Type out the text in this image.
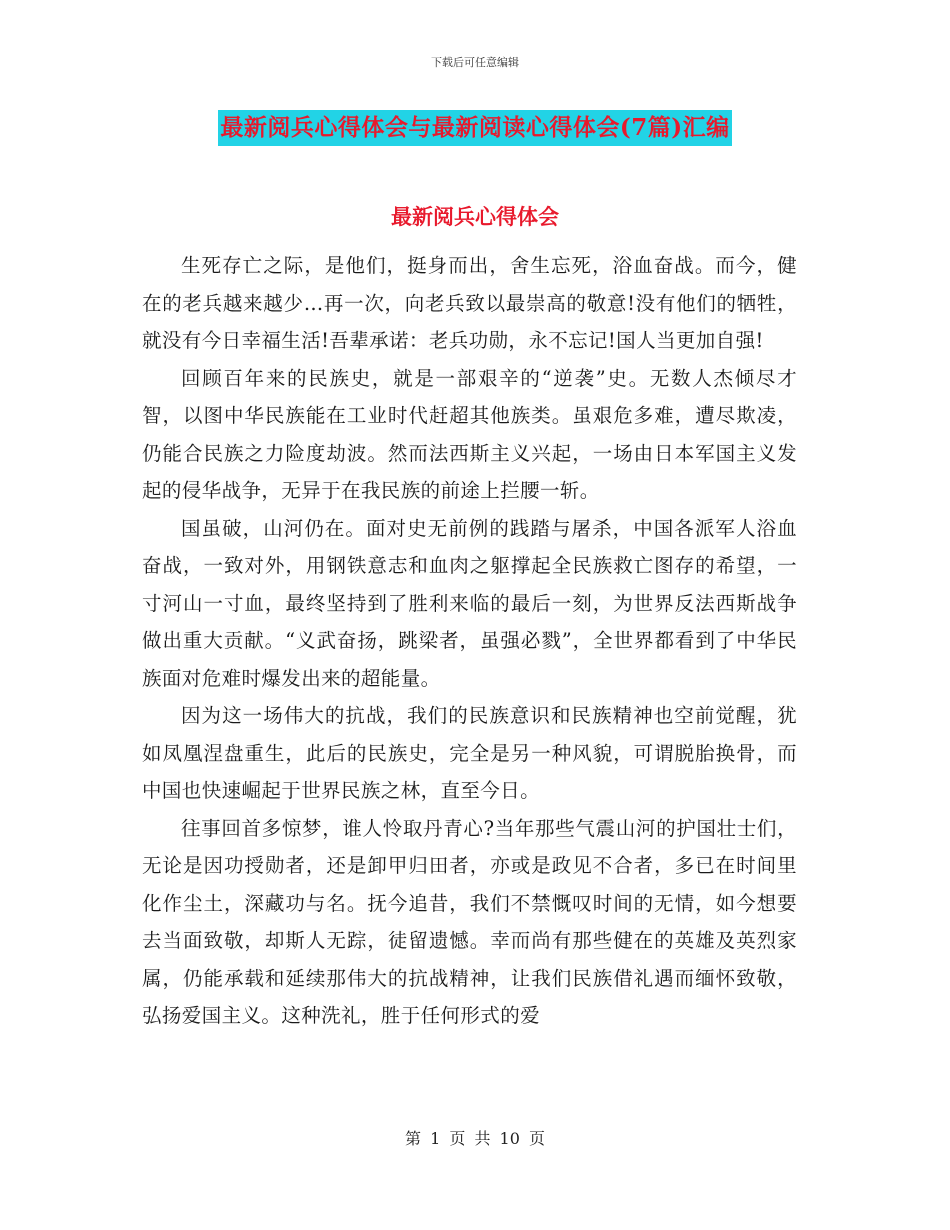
下载后可任意编辑
最新阅兵心得体会与最新阅读心得体会(7篇)汇编
最新阅兵心得体会

生死存亡之际，是他们，挺身而出，舍生忘死，浴血奋战。而今，健在的老兵越来越少…再一次，向老兵致以最崇高的敬意!没有他们的牺牲，就没有今日幸福生活!吾辈承诺：老兵功勋，永不忘记!国人当更加自强!

回顾百年来的民族史，就是一部艰辛的“逆袭”史。无数人杰倾尽才智，以图中华民族能在工业时代赶超其他族类。虽艰危多难，遭尽欺凌，仍能合民族之力险度劫波。然而法西斯主义兴起，一场由日本军国主义发起的侵华战争，无异于在我民族的前途上拦腰一斩。

国虽破，山河仍在。面对史无前例的践踏与屠杀，中国各派军人浴血奋战，一致对外，用钢铁意志和血肉之躯撑起全民族救亡图存的希望，一寸河山一寸血，最终坚持到了胜利来临的最后一刻，为世界反法西斯战争做出重大贡献。“义武奋扬，跳梁者，虽强必戮”，全世界都看到了中华民族面对危难时爆发出来的超能量。

因为这一场伟大的抗战，我们的民族意识和民族精神也空前觉醒，犹如凤凰涅盘重生，此后的民族史，完全是另一种风貌，可谓脱胎换骨，而中国也快速崛起于世界民族之林，直至今日。

往事回首多惊梦，谁人怜取丹青心?当年那些气震山河的护国壮士们，无论是因功授勋者，还是卸甲归田者，亦或是政见不合者，多已在时间里化作尘土，深藏功与名。抚今追昔，我们不禁慨叹时间的无情，如今想要去当面致敬，却斯人无踪，徒留遗憾。幸而尚有那些健在的英雄及英烈家属，仍能承载和延续那伟大的抗战精神，让我们民族借礼遇而缅怀致敬，弘扬爱国主义。这种洗礼，胜于任何形式的爱

第 1 页 共 10 页
